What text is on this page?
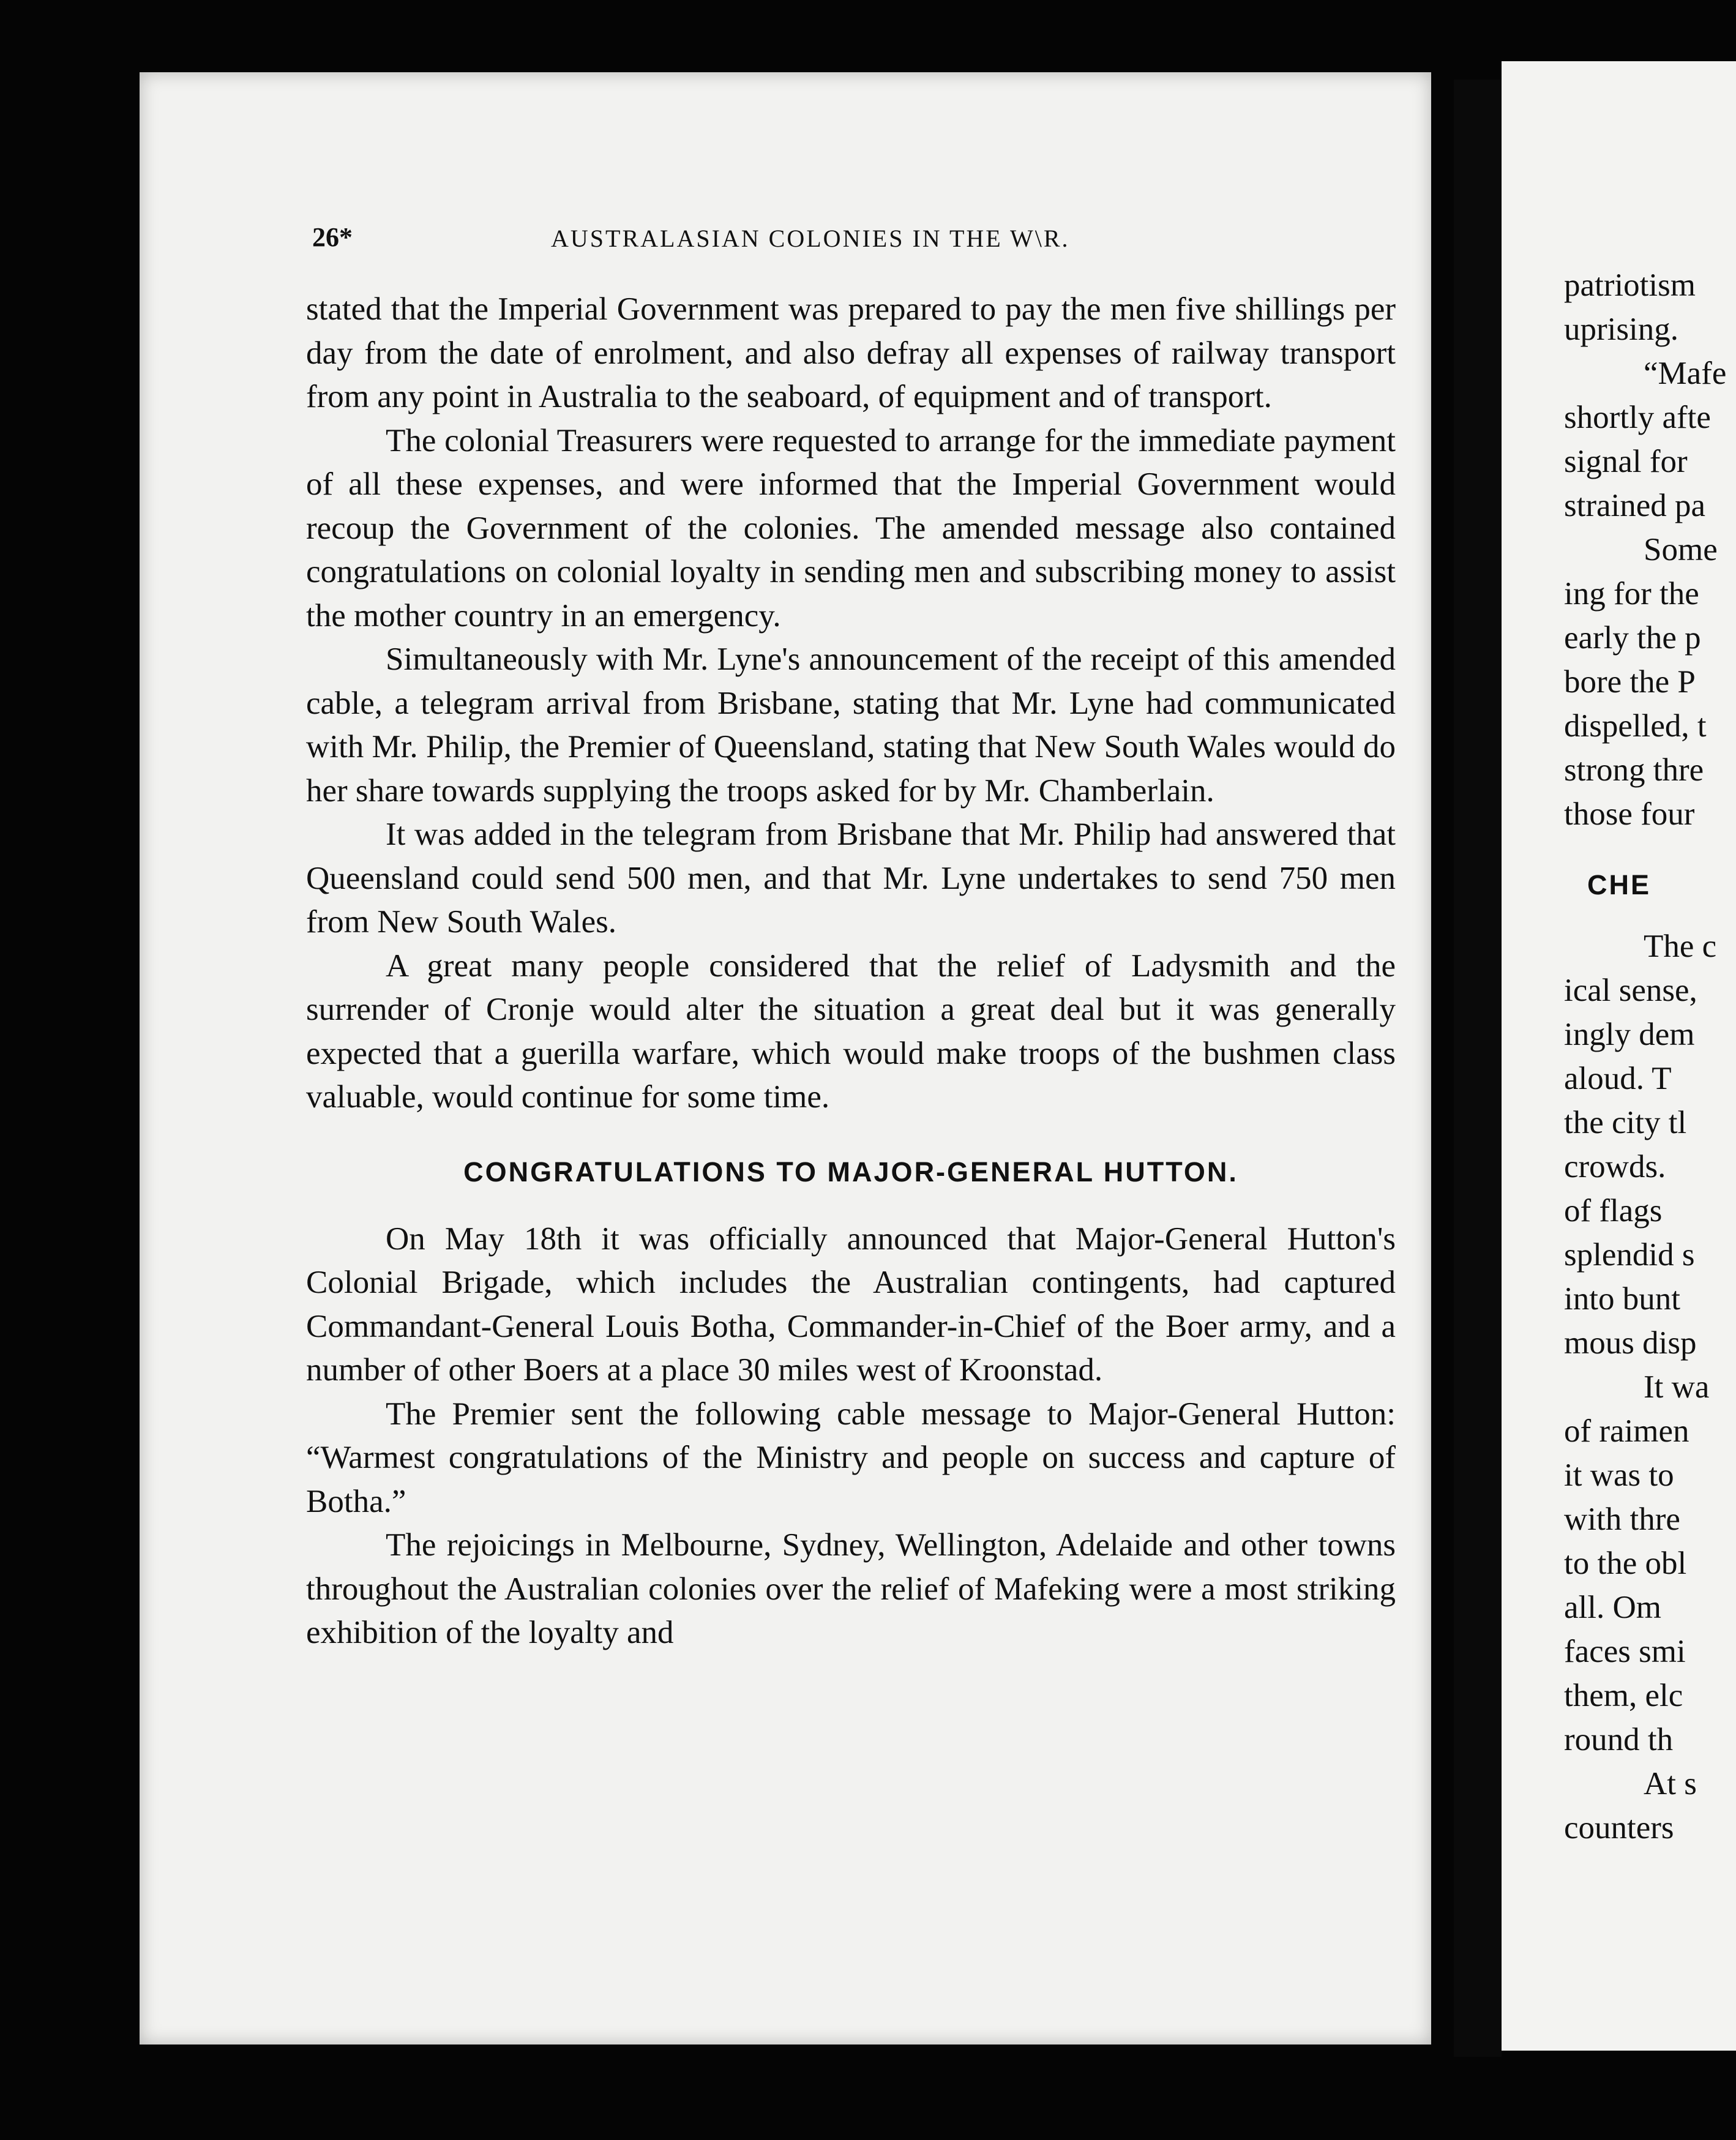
26*	AUSTRALASIAN COLONIES IN THE W\R.

stated that the Imperial Government was prepared to pay the men five shillings per day from the date of enrolment, and also defray all expenses of railway transport from any point in Australia to the seaboard, of equipment and of transport.

The colonial Treasurers were requested to arrange for the immediate payment of all these expenses, and were informed that the Imperial Government would recoup the Government of the colonies. The amended message also contained congratulations on colonial loyalty in sending men and subscribing money to assist the mother country in an emergency.

Simultaneously with Mr. Lyne's announcement of the receipt of this amended cable, a telegram arrival from Brisbane, stating that Mr. Lyne had communicated with Mr. Philip, the Premier of Queensland, stating that New South Wales would do her share towards supplying the troops asked for by Mr. Chamberlain.

It was added in the telegram from Brisbane that Mr. Philip had answered that Queensland could send 500 men, and that Mr. Lyne undertakes to send 750 men from New South Wales.

A great many people considered that the relief of Ladysmith and the surrender of Cronje would alter the situation a great deal but it was generally expected that a guerilla warfare, which would make troops of the bushmen class valuable, would continue for some time.

CONGRATULATIONS TO MAJOR-GENERAL HUTTON.

On May 18th it was officially announced that Major-General Hutton's Colonial Brigade, which includes the Australian contingents, had captured Commandant-General Louis Botha, Commander-in-Chief of the Boer army, and a number of other Boers at a place 30 miles west of Kroonstad.

The Premier sent the following cable message to Major-General Hutton: “Warmest congratulations of the Ministry and people on success and capture of Botha.”

The rejoicings in Melbourne, Sydney, Wellington, Adelaide and other towns throughout the Australian colonies over the relief of Mafeking were a most striking exhibition of the loyalty and

patriotism
uprising.
“Mafe
shortly afte
signal for
strained pa
Some
ing for the
early the p
bore the P
dispelled, t
strong thre
those four
CHE
The c
ical sense,
ingly dem
aloud. T
the city tl
crowds.
of flags
splendid s
into bunt
mous disp
It wa
of raimen
it was to
with thre
to the obl
all. Om
faces smi
them, elc
round th
At s
counters
